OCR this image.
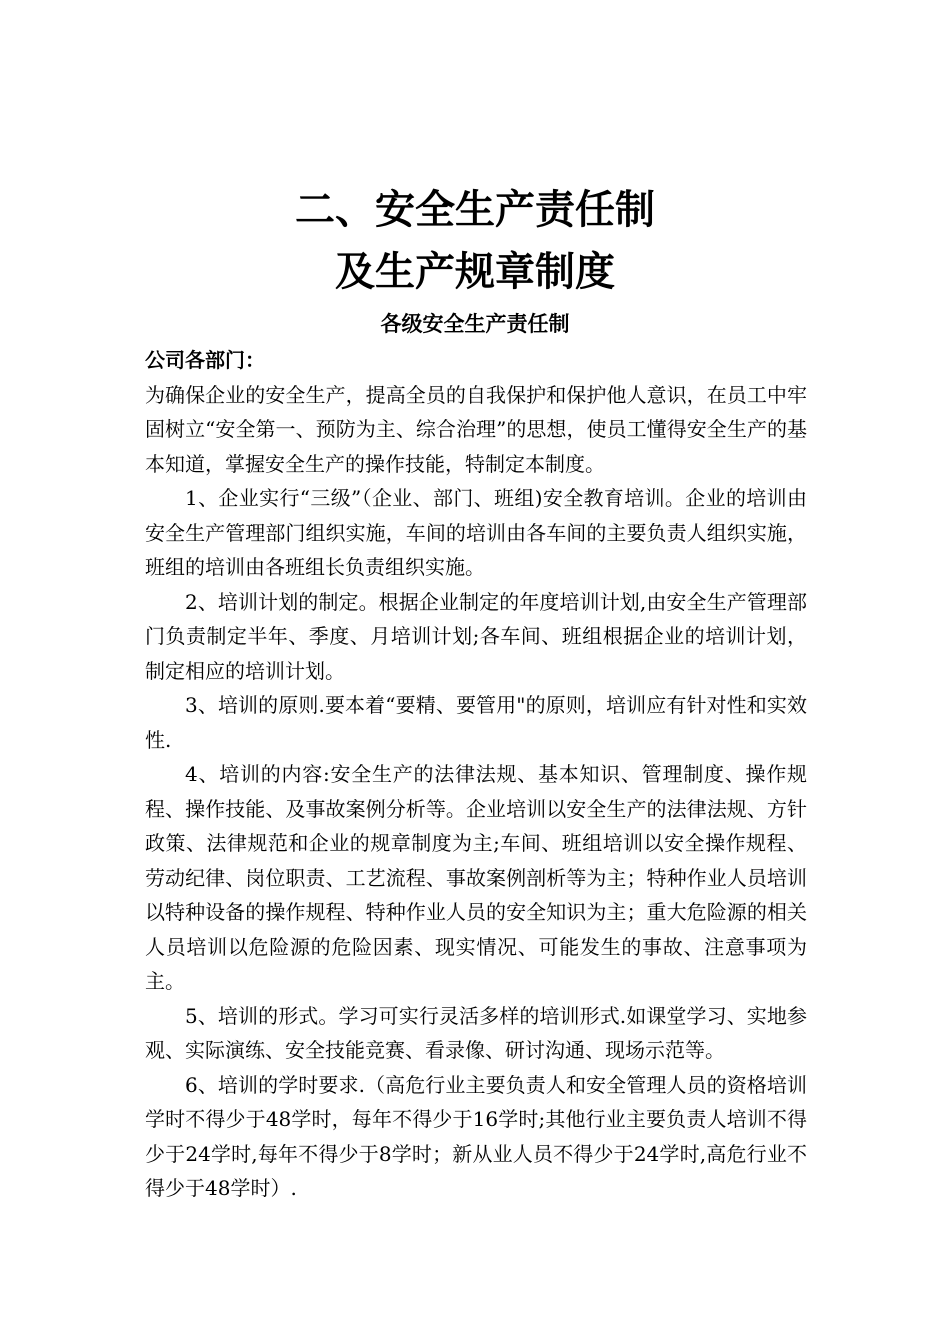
二、安全生产责任制
及生产规章制度
各级安全生产责任制

公司各部门：

为确保企业的安全生产，提高全员的自我保护和保护他人意识，在员工中牢固树立“安全第一、预防为主、综合治理”的思想，使员工懂得安全生产的基本知道，掌握安全生产的操作技能，特制定本制度。

1、企业实行“三级”（企业、部门、班组)安全教育培训。企业的培训由安全生产管理部门组织实施，车间的培训由各车间的主要负责人组织实施，班组的培训由各班组长负责组织实施。

2、培训计划的制定。根据企业制定的年度培训计划,由安全生产管理部门负责制定半年、季度、月培训计划;各车间、班组根据企业的培训计划，制定相应的培训计划。

3、培训的原则.要本着“要精、要管用"的原则，培训应有针对性和实效性.

4、培训的内容:安全生产的法律法规、基本知识、管理制度、操作规程、操作技能、及事故案例分析等。企业培训以安全生产的法律法规、方针政策、法律规范和企业的规章制度为主;车间、班组培训以安全操作规程、劳动纪律、岗位职责、工艺流程、事故案例剖析等为主；特种作业人员培训以特种设备的操作规程、特种作业人员的安全知识为主；重大危险源的相关人员培训以危险源的危险因素、现实情况、可能发生的事故、注意事项为主。

5、培训的形式。学习可实行灵活多样的培训形式.如课堂学习、实地参观、实际演练、安全技能竞赛、看录像、研讨沟通、现场示范等。

6、培训的学时要求.（高危行业主要负责人和安全管理人员的资格培训学时不得少于48学时，每年不得少于16学时;其他行业主要负责人培训不得少于24学时,每年不得少于8学时；新从业人员不得少于24学时,高危行业不得少于48学时）.
